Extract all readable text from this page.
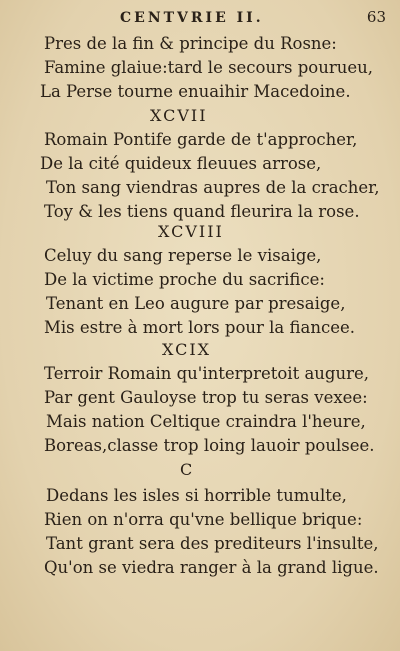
CENTVRIE II.	63
Pres de la fin & principe du Rosne:
Famine glaiue:tard le secours pourueu,
La Perse tourne enuaihir Macedoine.
XCVII
Romain Pontife garde de t'approcher,
De la cité quideux fleuues arrose,
Ton sang viendras aupres de la cracher,
Toy & les tiens quand fleurira la rose.
XCVIII
Celuy du sang reperse le visaige,
De la victime proche du sacrifice:
Tenant en Leo augure par presaige,
Mis estre à mort lors pour la fiancee.
XCIX
Terroir Romain qu'interpretoit augure,
Par gent Gauloyse trop tu seras vexee:
Mais nation Celtique craindra l'heure,
Boreas,classe trop loing lauoir poulsee.
C
Dedans les isles si horrible tumulte,
Rien on n'orra qu'vne bellique brique:
Tant grant sera des prediteurs l'insulte,
Qu'on se viedra ranger à la grand ligue.
